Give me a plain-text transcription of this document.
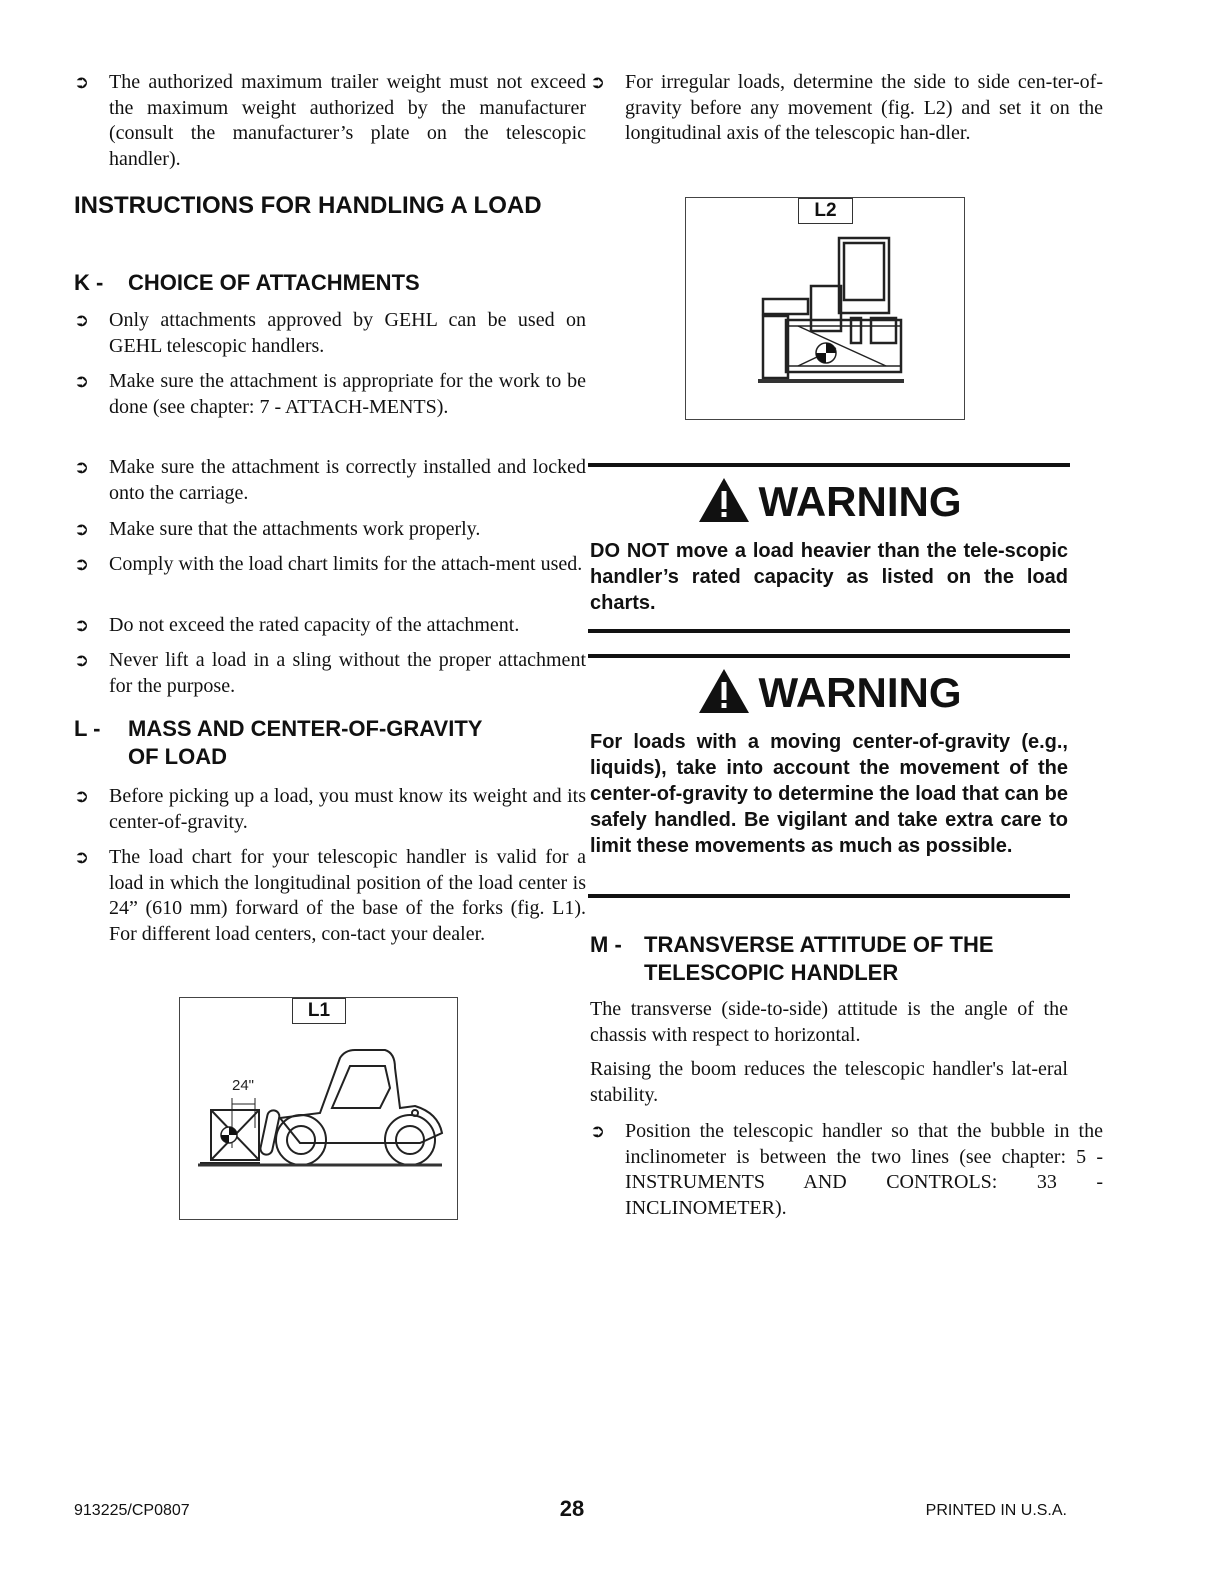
➲ The authorized maximum trailer weight must not exceed the maximum weight authorized by the manufacturer (consult the manufacturer’s plate on the telescopic handler).
INSTRUCTIONS FOR HANDLING A LOAD
K - CHOICE OF ATTACHMENTS
➲ Only attachments approved by GEHL can be used on GEHL telescopic handlers.
➲ Make sure the attachment is appropriate for the work to be done (see chapter: 7 - ATTACH-MENTS).
➲ Make sure the attachment is correctly installed and locked onto the carriage.
➲ Make sure that the attachments work properly.
➲ Comply with the load chart limits for the attach-ment used.
➲ Do not exceed the rated capacity of the attachment.
➲ Never lift a load in a sling without the proper attachment for the purpose.
L - MASS AND CENTER-OF-GRAVITY
OF LOAD
➲ Before picking up a load, you must know its weight and its center-of-gravity.
➲ The load chart for your telescopic handler is valid for a load in which the longitudinal position of the load center is 24” (610 mm) forward of the base of the forks (fig. L1). For different load centers, con-tact your dealer.
L1
24"
➲ For irregular loads, determine the side to side cen-ter-of-gravity before any movement (fig. L2) and set it on the longitudinal axis of the telescopic han-dler.
L2
WARNING
DO NOT move a load heavier than the tele-scopic handler’s rated capacity as listed on the load charts.
WARNING
For loads with a moving center-of-gravity (e.g., liquids), take into account the movement of the center-of-gravity to determine the load that can be safely handled. Be vigilant and take extra care to limit these movements as much as possible.
M - TRANSVERSE ATTITUDE OF THE
TELESCOPIC HANDLER
The transverse (side-to-side) attitude is the angle of the chassis with respect to horizontal.
Raising the boom reduces the telescopic handler's lat-eral stability.
➲ Position the telescopic handler so that the bubble in the inclinometer is between the two lines (see chapter: 5 - INSTRUMENTS AND CONTROLS: 33 - INCLINOMETER).
913225/CP0807	28	PRINTED IN U.S.A.
